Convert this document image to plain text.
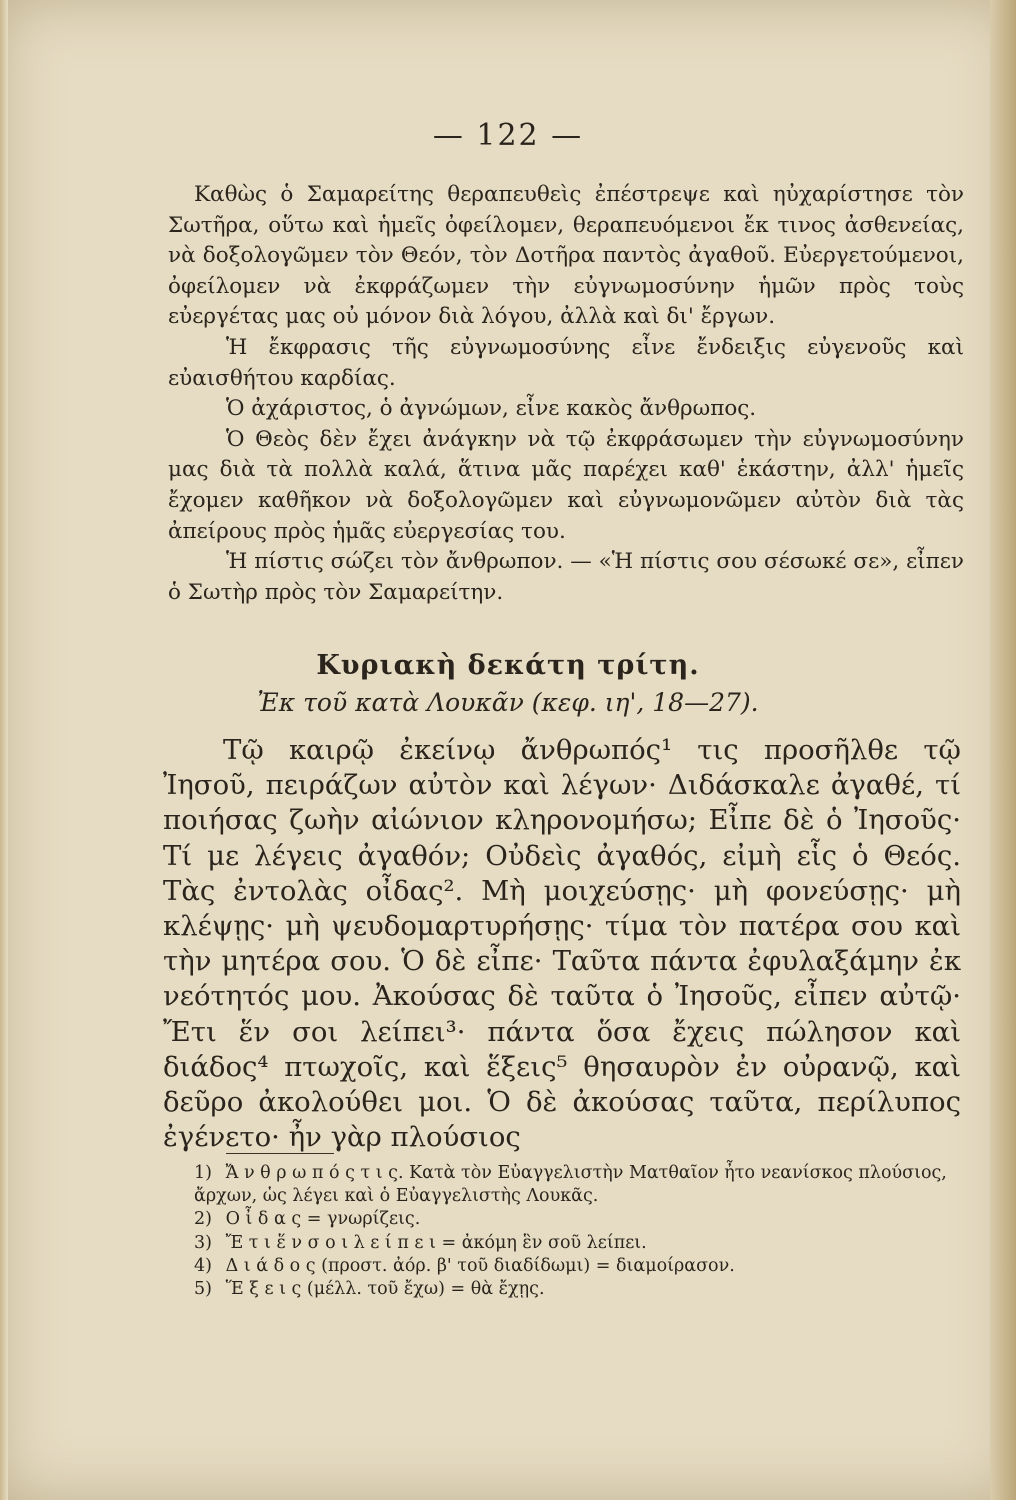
— 122 —

Καθὼς ὁ Σαμαρείτης θεραπευθεὶς ἐπέστρεψε καὶ ηὐχαρίστησε τὸν Σωτῆρα, οὕτω καὶ ἡμεῖς ὀφείλομεν, θεραπευόμενοι ἔκ τινος ἀσθενείας, νὰ δοξολογῶμεν τὸν Θεόν, τὸν Δοτῆρα παντὸς ἀγαθοῦ. Εὐεργετούμενοι, ὀφείλομεν νὰ ἐκφράζωμεν τὴν εὐγνωμοσύνην ἡμῶν πρὸς τοὺς εὐεργέτας μας οὐ μόνον διὰ λόγου, ἀλλὰ καὶ δι' ἔργων.

Ἡ ἔκφρασις τῆς εὐγνωμοσύνης εἶνε ἔνδειξις εὐγενοῦς καὶ εὐαισθήτου καρδίας.

Ὁ ἀχάριστος, ὁ ἀγνώμων, εἶνε κακὸς ἄνθρωπος.

Ὁ Θεὸς δὲν ἔχει ἀνάγκην νὰ τῷ ἐκφράσωμεν τὴν εὐγνωμοσύνην μας διὰ τὰ πολλὰ καλά, ἅτινα μᾶς παρέχει καθ' ἑκάστην, ἀλλ' ἡμεῖς ἔχομεν καθῆκον νὰ δοξολογῶμεν καὶ εὐγνωμονῶμεν αὐτὸν διὰ τὰς ἀπείρους πρὸς ἡμᾶς εὐεργεσίας του.

Ἡ πίστις σώζει τὸν ἄνθρωπον. — «Ἡ πίστις σου σέσωκέ σε», εἶπεν ὁ Σωτὴρ πρὸς τὸν Σαμαρείτην.

Κυριακὴ δεκάτη τρίτη.
Ἐκ τοῦ κατὰ Λουκᾶν (κεφ. ιη', 18—27).

Τῷ καιρῷ ἐκείνῳ ἄνθρωπός¹ τις προσῆλθε τῷ Ἰησοῦ, πειράζων αὐτὸν καὶ λέγων· Διδάσκαλε ἀγαθέ, τί ποιήσας ζωὴν αἰώνιον κληρονομήσω; Εἶπε δὲ ὁ Ἰησοῦς· Τί με λέγεις ἀγαθόν; Οὐδεὶς ἀγαθός, εἰμὴ εἷς ὁ Θεός. Τὰς ἐντολὰς οἶδας². Μὴ μοιχεύσῃς· μὴ φονεύσῃς· μὴ κλέψῃς· μὴ ψευδομαρτυρήσῃς· τίμα τὸν πατέρα σου καὶ τὴν μητέρα σου. Ὁ δὲ εἶπε· Ταῦτα πάντα ἐφυλαξάμην ἐκ νεότητός μου. Ἀκούσας δὲ ταῦτα ὁ Ἰησοῦς, εἶπεν αὐτῷ· Ἔτι ἕν σοι λείπει³· πάντα ὅσα ἔχεις πώλησον καὶ διάδος⁴ πτωχοῖς, καὶ ἕξεις⁵ θησαυρὸν ἐν οὐρανῷ, καὶ δεῦρο ἀκολούθει μοι. Ὁ δὲ ἀκούσας ταῦτα, περίλυπος ἐγένετο· ἦν γὰρ πλούσιος

1) Ἄ ν θ ρ ω π ό ς τ ι ς. Κατὰ τὸν Εὐαγγελιστὴν Ματθαῖον ἦτο νεανίσκος πλούσιος, ἄρχων, ὡς λέγει καὶ ὁ Εὐαγγελιστὴς Λουκᾶς.
2) Ο ἶ δ α ς = γνωρίζεις.
3) Ἔ τ ι ἕ ν σ ο ι λ ε ί π ε ι = ἀκόμη ἓν σοῦ λείπει.
4) Δ ι ά δ ο ς (προστ. ἀόρ. β' τοῦ διαδίδωμι) = διαμοίρασον.
5) Ἕ ξ ε ι ς (μέλλ. τοῦ ἔχω) = θὰ ἔχῃς.
